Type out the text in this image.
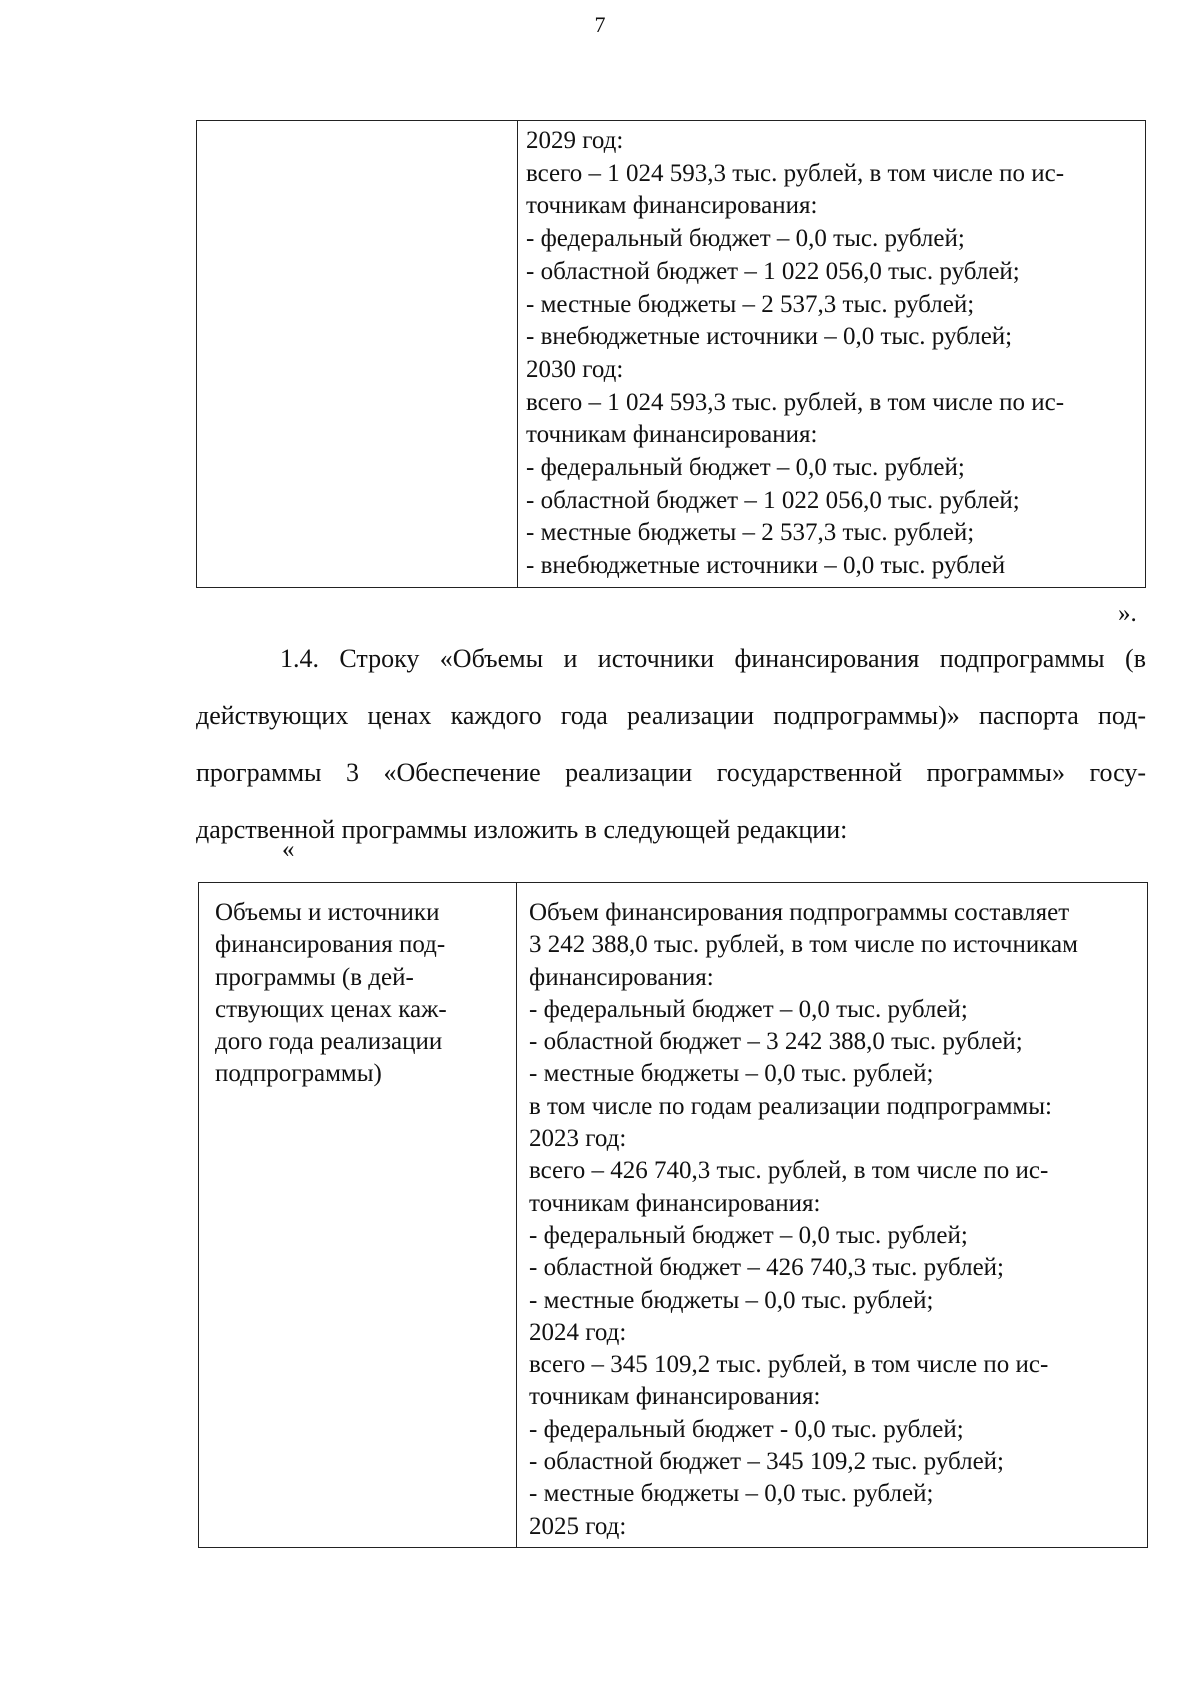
7

2029 год:
всего – 1 024 593,3 тыс. рублей, в том числе по ис-
точникам финансирования:
- федеральный бюджет – 0,0 тыс. рублей;
- областной бюджет – 1 022 056,0 тыс. рублей;
- местные бюджеты – 2 537,3 тыс. рублей;
- внебюджетные источники – 0,0 тыс. рублей;
2030 год:
всего – 1 024 593,3 тыс. рублей, в том числе по ис-
точникам финансирования:
- федеральный бюджет – 0,0 тыс. рублей;
- областной бюджет – 1 022 056,0 тыс. рублей;
- местные бюджеты – 2 537,3 тыс. рублей;
- внебюджетные источники – 0,0 тыс. рублей
».
1.4. Строку «Объемы и источники финансирования подпрограммы (в
действующих ценах каждого года реализации подпрограммы)» паспорта под-
программы 3 «Обеспечение реализации государственной программы» госу-
дарственной программы изложить в следующей редакции:
«
Объемы и источники
финансирования под-
программы (в дей-
ствующих ценах каж-
дого года реализации
подпрограммы)

Объем финансирования подпрограммы составляет
3 242 388,0 тыс. рублей, в том числе по источникам
финансирования:
- федеральный бюджет – 0,0 тыс. рублей;
- областной бюджет – 3 242 388,0 тыс. рублей;
- местные бюджеты – 0,0 тыс. рублей;
в том числе по годам реализации подпрограммы:
2023 год:
всего – 426 740,3 тыс. рублей, в том числе по ис-
точникам финансирования:
- федеральный бюджет – 0,0 тыс. рублей;
- областной бюджет – 426 740,3 тыс. рублей;
- местные бюджеты – 0,0 тыс. рублей;
2024 год:
всего – 345 109,2 тыс. рублей, в том числе по ис-
точникам финансирования:
- федеральный бюджет - 0,0 тыс. рублей;
- областной бюджет – 345 109,2 тыс. рублей;
- местные бюджеты – 0,0 тыс. рублей;
2025 год:
